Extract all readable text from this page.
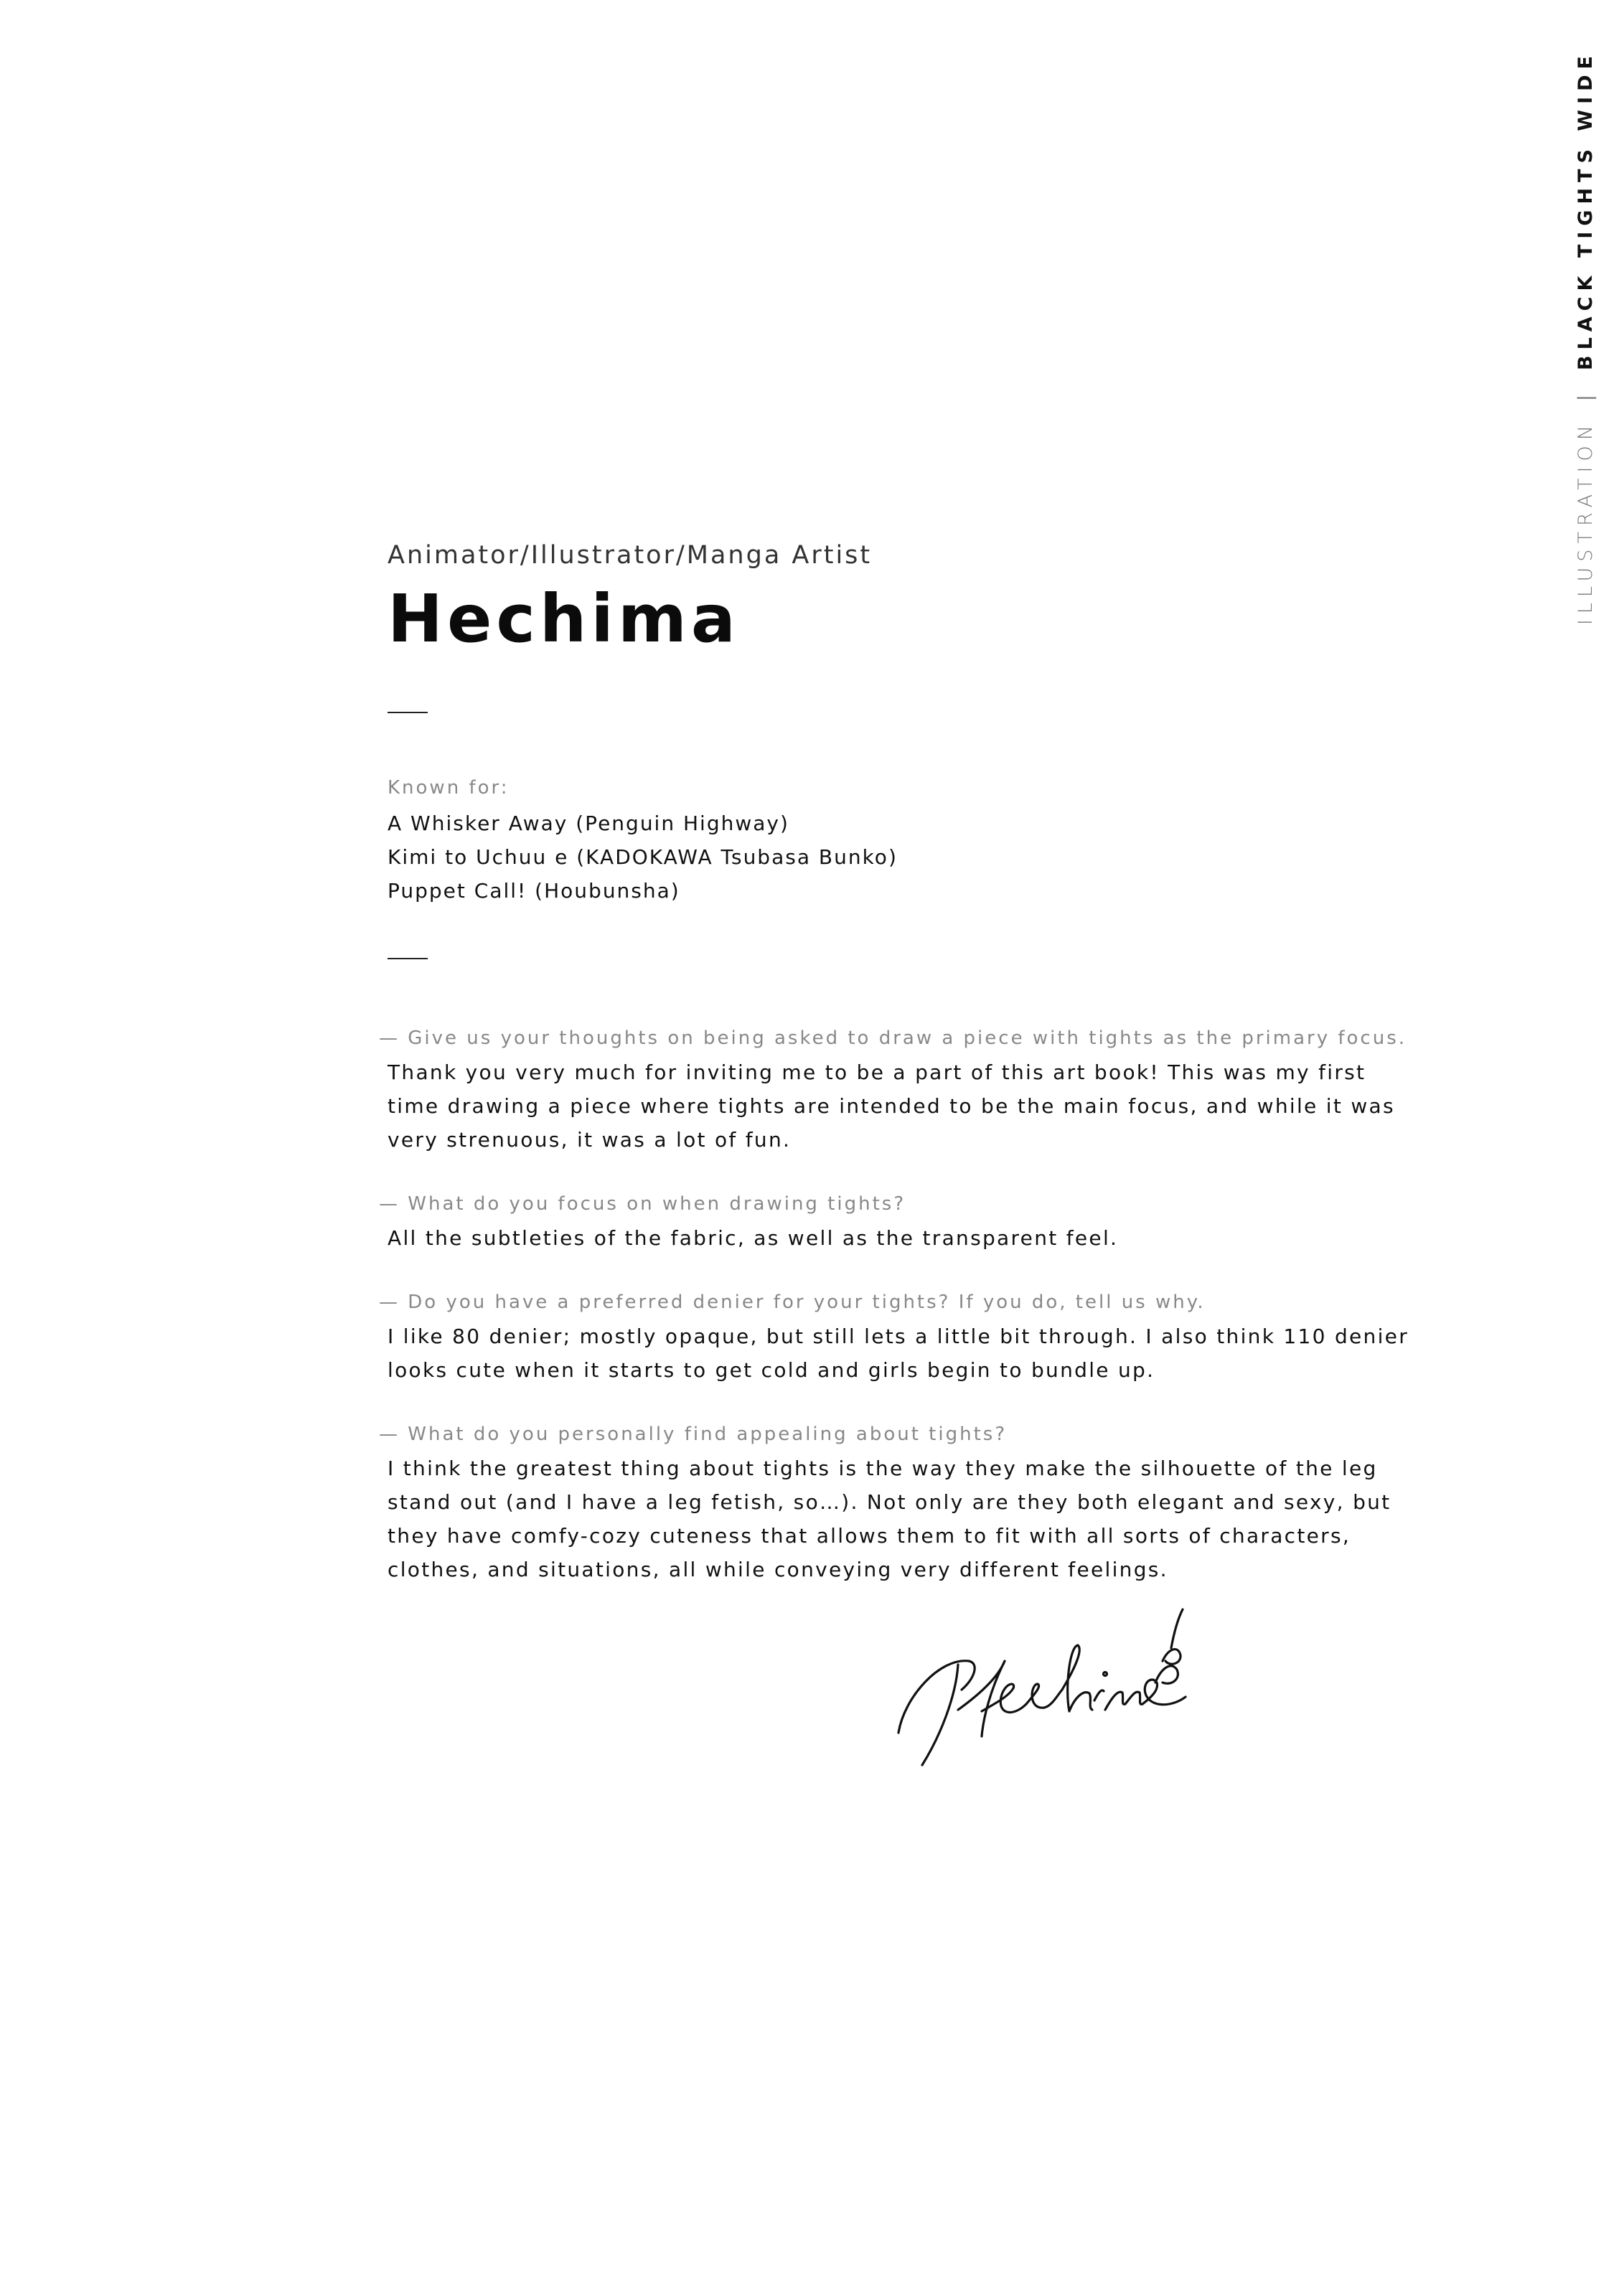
ILLUSTRATION
|
BLACK TIGHTS WIDE

Animator/Illustrator/Manga Artist

Hechima
Known for:
A Whisker Away (Penguin Highway)
Kimi to Uchuu e (KADOKAWA Tsubasa Bunko)
Puppet Call! (Houbunsha)
— Give us your thoughts on being asked to draw a piece with tights as the primary focus.
Thank you very much for inviting me to be a part of this art book! This was my first time drawing a piece where tights are intended to be the main focus, and while it was very strenuous, it was a lot of fun.
— What do you focus on when drawing tights?
All the subtleties of the fabric, as well as the transparent feel.
— Do you have a preferred denier for your tights? If you do, tell us why.
I like 80 denier; mostly opaque, but still lets a little bit through. I also think 110 denier looks cute when it starts to get cold and girls begin to bundle up.
— What do you personally find appealing about tights?
I think the greatest thing about tights is the way they make the silhouette of the leg stand out (and I have a leg fetish, so…). Not only are they both elegant and sexy, but they have comfy-cozy cuteness that allows them to fit with all sorts of characters, clothes, and situations, all while conveying very different feelings.
